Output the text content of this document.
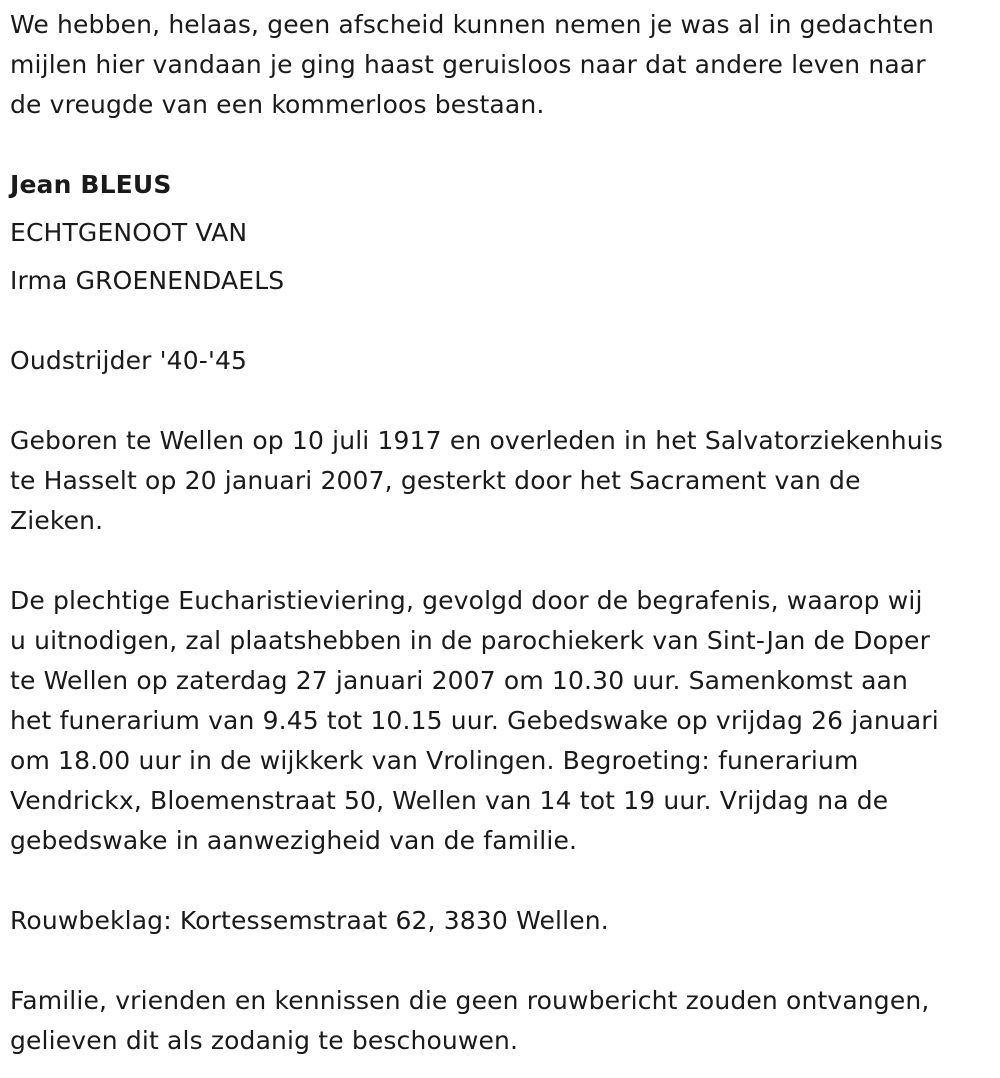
We hebben, helaas, geen afscheid kunnen nemen je was al in gedachten
mijlen hier vandaan je ging haast geruisloos naar dat andere leven naar
de vreugde van een kommerloos bestaan.
Jean BLEUS
ECHTGENOOT VAN
Irma GROENENDAELS
Oudstrijder '40-'45
Geboren te Wellen op 10 juli 1917 en overleden in het Salvatorziekenhuis
te Hasselt op 20 januari 2007, gesterkt door het Sacrament van de
Zieken.
De plechtige Eucharistieviering, gevolgd door de begrafenis, waarop wij
u uitnodigen, zal plaatshebben in de parochiekerk van Sint-Jan de Doper
te Wellen op zaterdag 27 januari 2007 om 10.30 uur. Samenkomst aan
het funerarium van 9.45 tot 10.15 uur. Gebedswake op vrijdag 26 januari
om 18.00 uur in de wijkkerk van Vrolingen. Begroeting: funerarium
Vendrickx, Bloemenstraat 50, Wellen van 14 tot 19 uur. Vrijdag na de
gebedswake in aanwezigheid van de familie.
Rouwbeklag: Kortessemstraat 62, 3830 Wellen.
Familie, vrienden en kennissen die geen rouwbericht zouden ontvangen,
gelieven dit als zodanig te beschouwen.
